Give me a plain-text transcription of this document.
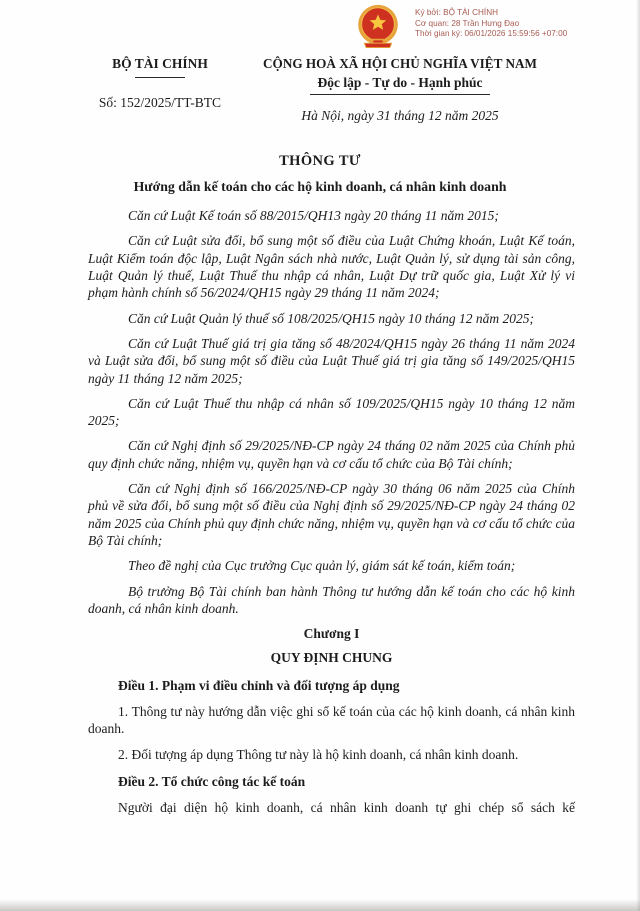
Ký bởi: BỘ TÀI CHÍNH
Cơ quan: 28 Trần Hưng Đạo
Thời gian ký: 06/01/2026 15:59:56 +07:00
BỘ TÀI CHÍNH
Số: 152/2025/TT-BTC
CỘNG HOÀ XÃ HỘI CHỦ NGHĨA VIỆT NAM
Độc lập - Tự do - Hạnh phúc
Hà Nội, ngày 31 tháng 12 năm 2025
THÔNG TƯ
Hướng dẫn kế toán cho các hộ kinh doanh, cá nhân kinh doanh

Căn cứ Luật Kế toán số 88/2015/QH13 ngày 20 tháng 11 năm 2015;

Căn cứ Luật sửa đổi, bổ sung một số điều của Luật Chứng khoán, Luật Kế toán, Luật Kiểm toán độc lập, Luật Ngân sách nhà nước, Luật Quản lý, sử dụng tài sản công, Luật Quản lý thuế, Luật Thuế thu nhập cá nhân, Luật Dự trữ quốc gia, Luật Xử lý vi phạm hành chính số 56/2024/QH15 ngày 29 tháng 11 năm 2024;

Căn cứ Luật Quản lý thuế số 108/2025/QH15 ngày 10 tháng 12 năm 2025;

Căn cứ Luật Thuế giá trị gia tăng số 48/2024/QH15 ngày 26 tháng 11 năm 2024 và Luật sửa đổi, bổ sung một số điều của Luật Thuế giá trị gia tăng số 149/2025/QH15 ngày 11 tháng 12 năm 2025;

Căn cứ Luật Thuế thu nhập cá nhân số 109/2025/QH15 ngày 10 tháng 12 năm 2025;

Căn cứ Nghị định số 29/2025/NĐ-CP ngày 24 tháng 02 năm 2025 của Chính phủ quy định chức năng, nhiệm vụ, quyền hạn và cơ cấu tổ chức của Bộ Tài chính;

Căn cứ Nghị định số 166/2025/NĐ-CP ngày 30 tháng 06 năm 2025 của Chính phủ về sửa đổi, bổ sung một số điều của Nghị định số 29/2025/NĐ-CP ngày 24 tháng 02 năm 2025 của Chính phủ quy định chức năng, nhiệm vụ, quyền hạn và cơ cấu tổ chức của Bộ Tài chính;

Theo đề nghị của Cục trưởng Cục quản lý, giám sát kế toán, kiểm toán;

Bộ trưởng Bộ Tài chính ban hành Thông tư hướng dẫn kế toán cho các hộ kinh doanh, cá nhân kinh doanh.

Chương I
QUY ĐỊNH CHUNG
Điều 1. Phạm vi điều chỉnh và đối tượng áp dụng

1. Thông tư này hướng dẫn việc ghi sổ kế toán của các hộ kinh doanh, cá nhân kinh doanh.

2. Đối tượng áp dụng Thông tư này là hộ kinh doanh, cá nhân kinh doanh.

Điều 2. Tổ chức công tác kế toán

Người đại diện hộ kinh doanh, cá nhân kinh doanh tự ghi chép sổ sách kế
